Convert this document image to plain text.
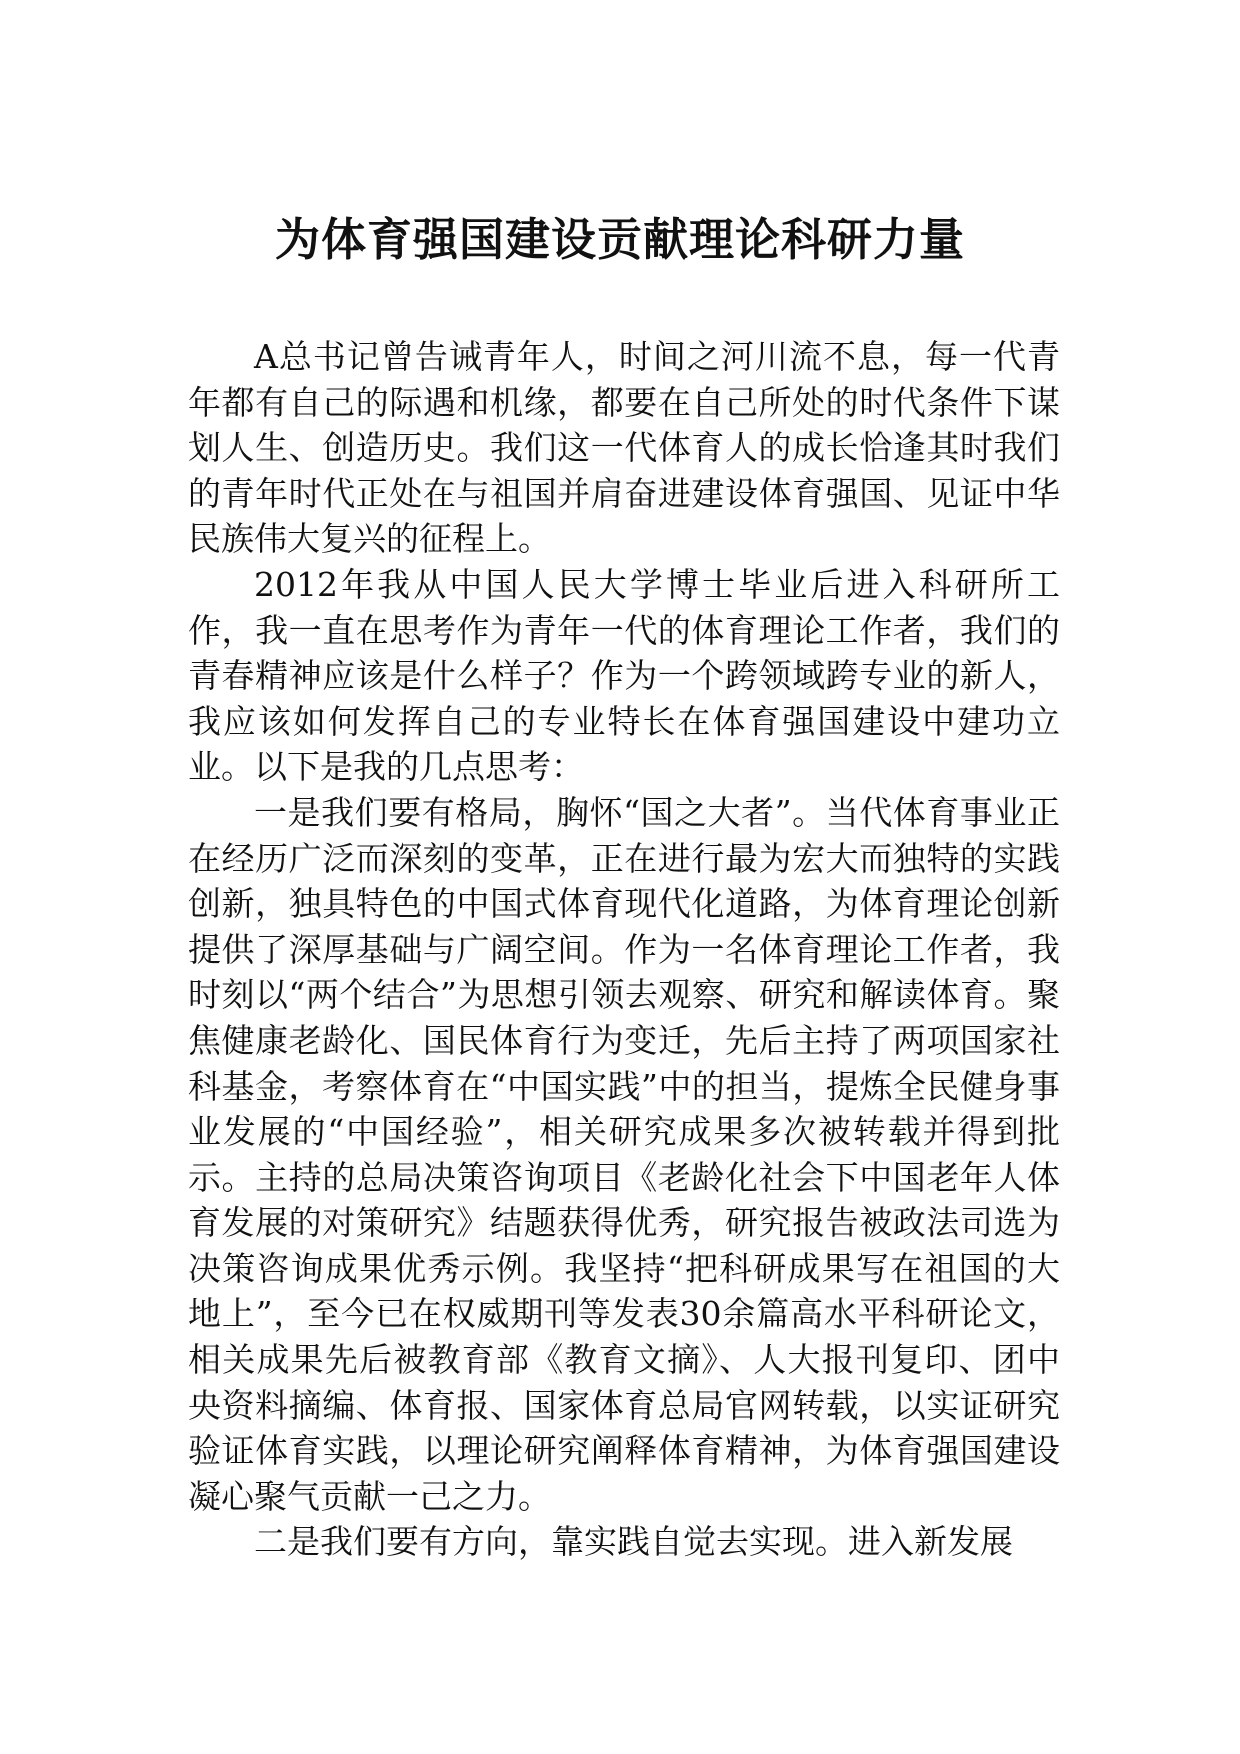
为体育强国建设贡献理论科研力量

A总书记曾告诫青年人，时间之河川流不息，每一代青年都有自己的际遇和机缘，都要在自己所处的时代条件下谋划人生、创造历史。我们这一代体育人的成长恰逢其时我们的青年时代正处在与祖国并肩奋进建设体育强国、见证中华民族伟大复兴的征程上。

2012年我从中国人民大学博士毕业后进入科研所工作，我一直在思考作为青年一代的体育理论工作者，我们的青春精神应该是什么样子？作为一个跨领域跨专业的新人，我应该如何发挥自己的专业特长在体育强国建设中建功立业。以下是我的几点思考：

一是我们要有格局，胸怀“国之大者”。当代体育事业正在经历广泛而深刻的变革，正在进行最为宏大而独特的实践创新，独具特色的中国式体育现代化道路，为体育理论创新提供了深厚基础与广阔空间。作为一名体育理论工作者，我时刻以“两个结合”为思想引领去观察、研究和解读体育。聚焦健康老龄化、国民体育行为变迁，先后主持了两项国家社科基金，考察体育在“中国实践”中的担当，提炼全民健身事业发展的“中国经验”，相关研究成果多次被转载并得到批示。主持的总局决策咨询项目《老龄化社会下中国老年人体育发展的对策研究》结题获得优秀，研究报告被政法司选为决策咨询成果优秀示例。我坚持“把科研成果写在祖国的大地上”，至今已在权威期刊等发表30余篇高水平科研论文，相关成果先后被教育部《教育文摘》、人大报刊复印、团中央资料摘编、体育报、国家体育总局官网转载，以实证研究验证体育实践，以理论研究阐释体育精神，为体育强国建设凝心聚气贡献一己之力。

二是我们要有方向，靠实践自觉去实现。进入新发展
